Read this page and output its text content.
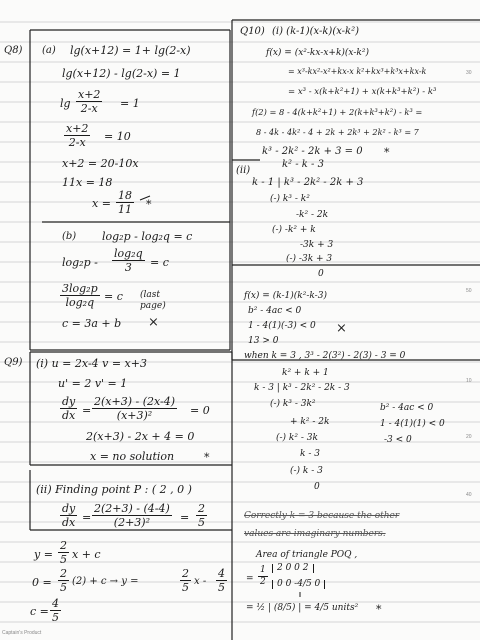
Q8) (a) lg(x+12) = 1+ lg(2-x)
lg(x+12) - lg(2-x) = 1
$\lg \frac{x+2}{2-x} = 1$
$\frac{x+2}{2-x} = 10$
x+2 = 20-10x
11x = 18
$x = \frac{18}{11}$ *
(b) log₂p - log₂q = c
$\log_2p - \frac{\text{log₂q}}{3} = c$
$\frac{\text{3log₂p}}{\text{log₂q}} = c$ (last page)
c = 3a + b ×
Q9) (i) u = 2x-4 v = x+3
u' = 2 v' = 1
$\frac{dy}{dx} = \frac{2(x+3) - (2x-4)}{\text{(x+3)²}} = 0$
2(x+3) - 2x + 4 = 0
x = no solution	*
(ii) Finding point P : ( 2 , 0 )
$\frac{dy}{dx} = \frac{2(2+3) - (4-4)}{\text{(2+3)²}} = \frac{2}{5}$
$y = \frac{2}{5}$ x + c
$0 = \frac{2}{5} (2) + c \to y$ =	$\frac{2}{5}$ x - $\frac{4}{5}$
$c = \frac{4}{5}$
Q10) (i) (k-1)(x-k)(x-k²)
f(x) = (x²-kx-x+k)(x-k²)
= x³-kx²-x²+kx-x k²+kx³+k³x+kx-k
= x³ - x(k+k²+1) + x(k+k³+k²) - k³
f(2) = 8 - 4(k+k²+1) + 2(k+k³+k²) - k³ =
8 - 4k - 4k² - 4 + 2k + 2k³ + 2k² - k³ = 7
k³ - 2k² - 2k + 3 = 0 *
(ii)
k² - k - 3
k - 1 | k³ - 2k² - 2k + 3
(-) k³ - k²
-k² - 2k
(-) -k² + k
-3k + 3
(-) -3k + 3
0
f(x) = (k-1)(k²-k-3)
b² - 4ac < 0
1 - 4(1)(-3) < 0
13 > 0
×
when k = 3 , 3³ - 2(3²) - 2(3) - 3 = 0
k² + k + 1
k - 3 | k³ - 2k² - 2k - 3
(-) k³ - 3k²
+ k² - 2k
(-) k² - 3k
k - 3
(-) k - 3
0
b² - 4ac < 0
1 - 4(1)(1) < 0
-3 < 0
Correctly k = 3 because the other
values are imaginary numbers.
Area of triangle POQ ,
= $\frac{1}{2}$	2 0 0 2
0 0 -4/5 0
= ½ | (8/5) | = 4/5 units² *
30
50
10
20
40
Captain's Product
